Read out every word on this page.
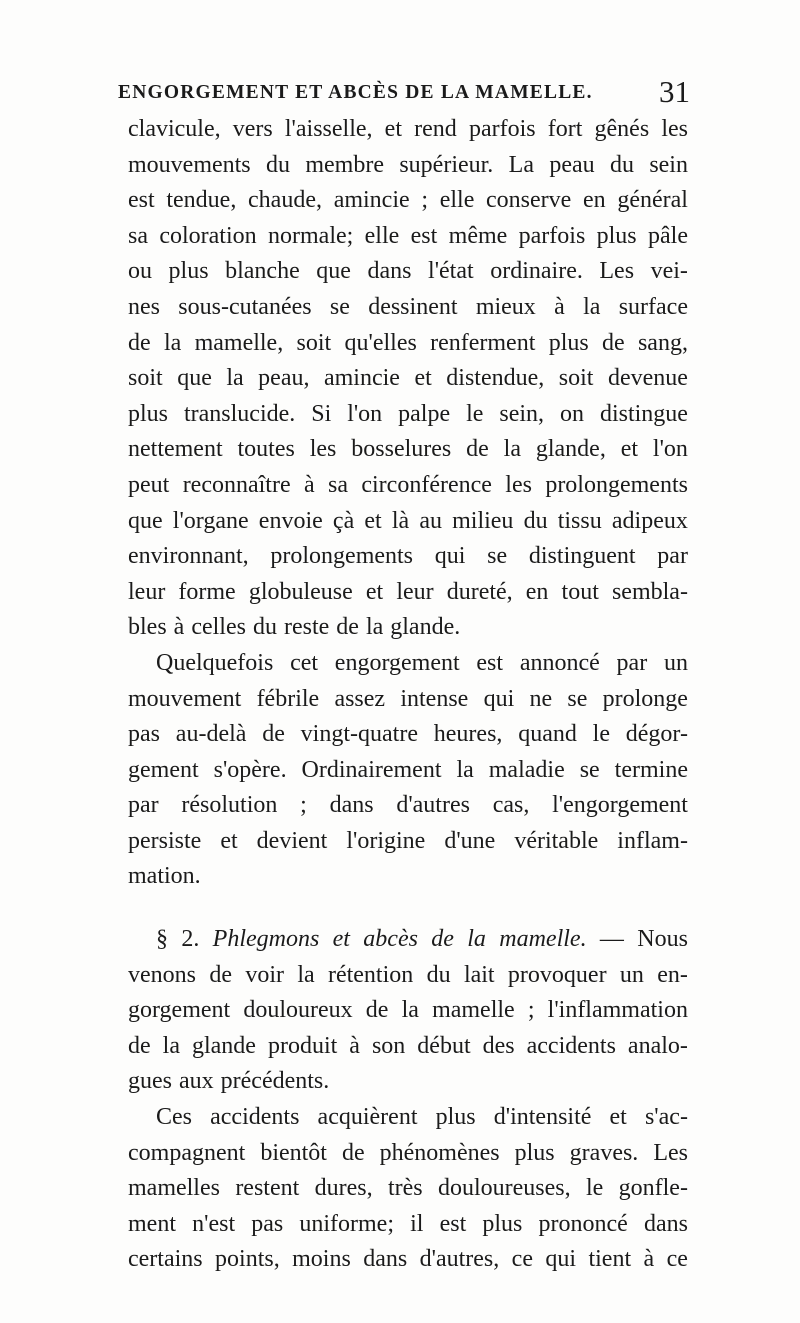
ENGORGEMENT ET ABCÈS DE LA MAMELLE. 31
clavicule, vers l'aisselle, et rend parfois fort gênés les
mouvements du membre supérieur. La peau du sein
est tendue, chaude, amincie ; elle conserve en général
sa coloration normale; elle est même parfois plus pâle
ou plus blanche que dans l'état ordinaire. Les vei-
nes sous-cutanées se dessinent mieux à la surface
de la mamelle, soit qu'elles renferment plus de sang,
soit que la peau, amincie et distendue, soit devenue
plus translucide. Si l'on palpe le sein, on distingue
nettement toutes les bosselures de la glande, et l'on
peut reconnaître à sa circonférence les prolongements
que l'organe envoie çà et là au milieu du tissu adipeux
environnant, prolongements qui se distinguent par
leur forme globuleuse et leur dureté, en tout sembla-
bles à celles du reste de la glande.
Quelquefois cet engorgement est annoncé par un
mouvement fébrile assez intense qui ne se prolonge
pas au-delà de vingt-quatre heures, quand le dégor-
gement s'opère. Ordinairement la maladie se termine
par résolution ; dans d'autres cas, l'engorgement
persiste et devient l'origine d'une véritable inflam-
mation.
§ 2. Phlegmons et abcès de la mamelle. — Nous
venons de voir la rétention du lait provoquer un en-
gorgement douloureux de la mamelle ; l'inflammation
de la glande produit à son début des accidents analo-
gues aux précédents.
Ces accidents acquièrent plus d'intensité et s'ac-
compagnent bientôt de phénomènes plus graves. Les
mamelles restent dures, très douloureuses, le gonfle-
ment n'est pas uniforme; il est plus prononcé dans
certains points, moins dans d'autres, ce qui tient à ce
